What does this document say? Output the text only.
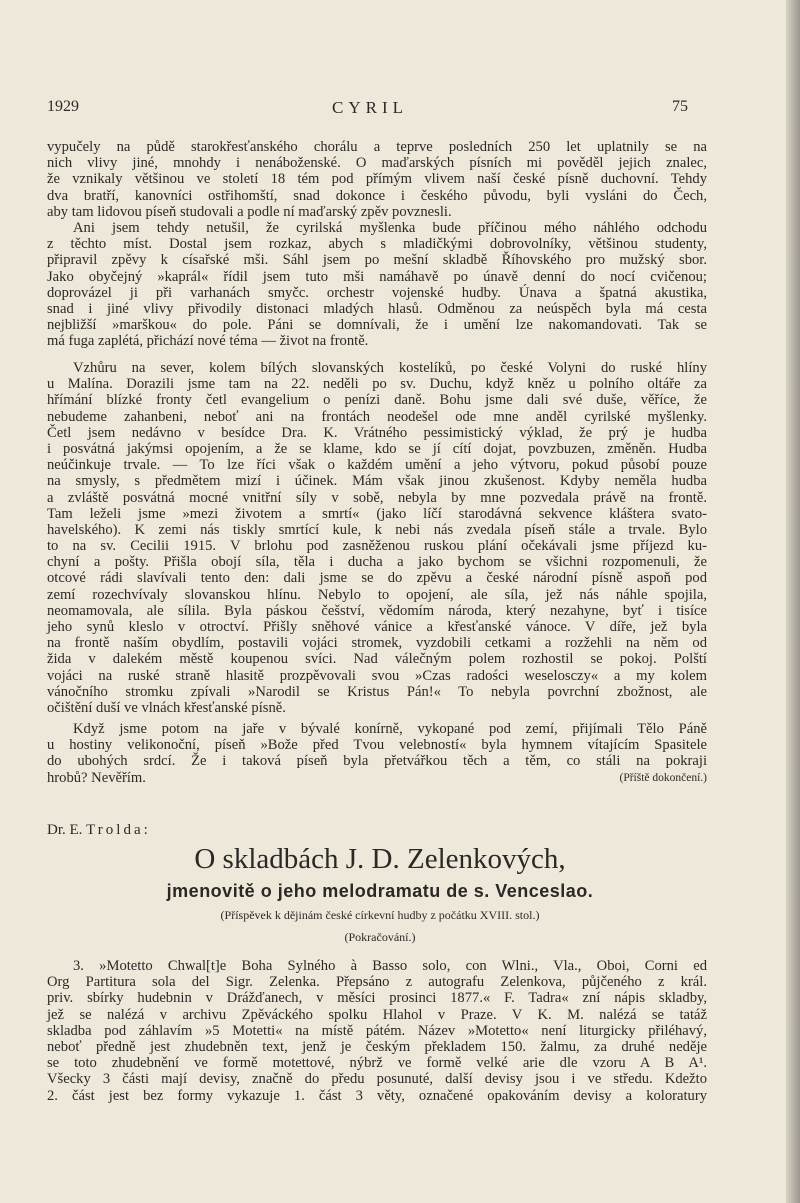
1929	CYRIL	75
vypučely na půdě starokřesťanského chorálu a teprve posledních 250 let uplatnily se na
nich vlivy jiné, mnohdy i nenáboženské. O maďarských písních mi pověděl jejich znalec,
že vznikaly většinou ve století 18 tém pod přímým vlivem naší české písně duchovní. Tehdy
dva bratří, kanovníci ostřihomští, snad dokonce i českého původu, byli vysláni do Čech,
aby tam lidovou píseň studovali a podle ní maďarský zpěv povznesli.
Ani jsem tehdy netušil, že cyrilská myšlenka bude příčinou mého náhlého odchodu
z těchto míst. Dostal jsem rozkaz, abych s mladičkými dobrovolníky, většinou studenty,
připravil zpěvy k císařské mši. Sáhl jsem po mešní skladbě Říhovského pro mužský sbor.
Jako obyčejný »kaprál« řídil jsem tuto mši namáhavě po únavě denní do nocí cvičenou;
doprovázel ji při varhanách smyčc. orchestr vojenské hudby. Únava a špatná akustika,
snad i jiné vlivy přivodily distonaci mladých hlasů. Odměnou za neúspěch byla má cesta
nejbližší »marškou« do pole. Páni se domnívali, že i umění lze nakomandovati. Tak se
má fuga zaplétá, přichází nové téma — život na frontě.
Vzhůru na sever, kolem bílých slovanských kostelíků, po české Volyni do ruské hlíny
u Malína. Dorazili jsme tam na 22. neděli po sv. Duchu, když kněz u polního oltáře za
hřímání blízké fronty četl evangelium o penízi daně. Bohu jsme dali své duše, věříce, že
nebudeme zahanbeni, neboť ani na frontách neodešel ode mne anděl cyrilské myšlenky.
Četl jsem nedávno v besídce Dra. K. Vrátného pessimistický výklad, že prý je hudba
i posvátná jakýmsi opojením, a že se klame, kdo se jí cítí dojat, povzbuzen, změněn. Hudba
neúčinkuje trvale. — To lze říci však o každém umění a jeho výtvoru, pokud působí pouze
na smysly, s předmětem mizí i účinek. Mám však jinou zkušenost. Kdyby neměla hudba
a zvláště posvátná mocné vnitřní síly v sobě, nebyla by mne pozvedala právě na frontě.
Tam leželi jsme »mezi životem a smrtí« (jako líčí starodávná sekvence kláštera svato-
havelského). K zemi nás tiskly smrtící kule, k nebi nás zvedala píseň stále a trvale. Bylo
to na sv. Cecilii 1915. V brlohu pod zasněženou ruskou plání očekávali jsme příjezd ku-
chyní a pošty. Přišla obojí síla, těla i ducha a jako bychom se všichni rozpomenuli, že
otcové rádi slavívali tento den: dali jsme se do zpěvu a české národní písně aspoň pod
zemí rozechvívaly slovanskou hlínu. Nebylo to opojení, ale síla, jež nás náhle spojila,
neomamovala, ale sílila. Byla páskou češství, vědomím národa, který nezahyne, byť i tisíce
jeho synů kleslo v otroctví. Přišly sněhové vánice a křesťanské vánoce. V díře, jež byla
na frontě naším obydlím, postavili vojáci stromek, vyzdobili cetkami a rozžehli na něm od
žida v dalekém městě koupenou svíci. Nad válečným polem rozhostil se pokoj. Polští
vojáci na ruské straně hlasitě prozpěvovali svou »Czas radości weselosczy« a my kolem
vánočního stromku zpívali »Narodil se Kristus Pán!« To nebyla povrchní zbožnost, ale
očištění duší ve vlnách křesťanské písně.
Když jsme potom na jaře v bývalé konírně, vykopané pod zemí, přijímali Tělo Páně
u hostiny velikonoční, píseň »Bože před Tvou velebností« byla hymnem vítajícím Spasitele
do ubohých srdcí. Že i taková píseň byla přetvářkou těch a těm, co stáli na pokraji
hrobů? Nevěřím.	(Příště dokončení.)
Dr. E. Trolda:
O skladbách J. D. Zelenkových,
jmenovitě o jeho melodramatu de s. Venceslao.
(Příspěvek k dějinám české církevní hudby z počátku XVIII. stol.)
(Pokračování.)
3. »Motetto Chwal[t]e Boha Sylného à Basso solo, con Wlni., Vla., Oboi, Corni ed
Org Partitura sola del Sigr. Zelenka. Přepsáno z autografu Zelenkova, půjčeného z král.
priv. sbírky hudebnin v Drážďanech, v měsíci prosinci 1877.« F. Tadra« zní nápis skladby,
jež se nalézá v archivu Zpěváckého spolku Hlahol v Praze. V K. M. nalézá se tatáž
skladba pod záhlavím »5 Motetti« na místě pátém. Název »Motetto« není liturgicky přiléhavý,
neboť předně jest zhudebněn text, jenž je českým překladem 150. žalmu, za druhé neděje
se toto zhudebnění ve formě motettové, nýbrž ve formě velké arie dle vzoru A B A¹.
Všecky 3 části mají devisy, značně do předu posunuté, další devisy jsou i ve středu. Kdežto
2. část jest bez formy vykazuje 1. část 3 věty, označené opakováním devisy a koloratury
